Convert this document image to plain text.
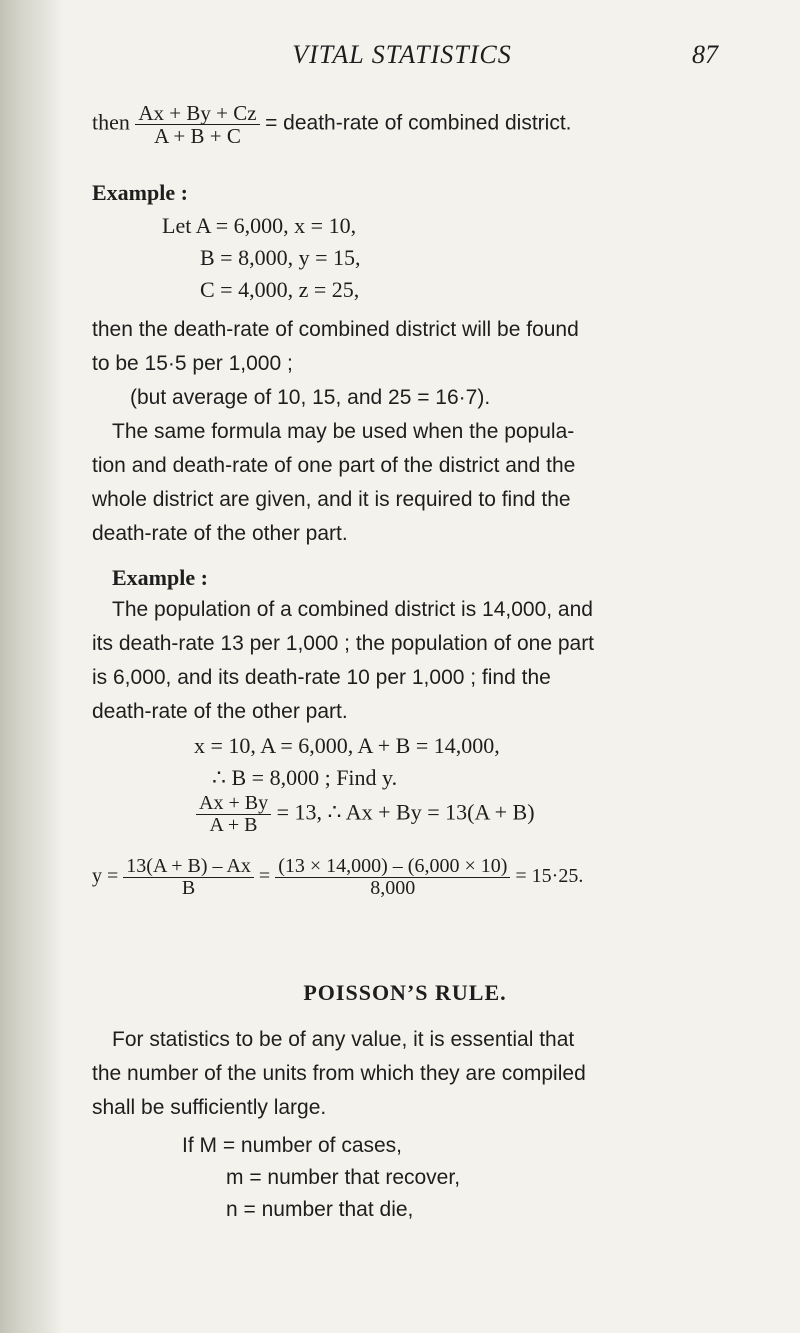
VITAL STATISTICS	87
then $\frac{Ax + By + Cz}{A + B + C}$ = death-rate of combined district.
Example :
Let A = 6,000, x = 10,
B = 8,000, y = 15,
C = 4,000, z = 25,

then the death-rate of combined district will be found

to be 15·5 per 1,000 ;

(but average of 10, 15, and 25 = 16·7).

The same formula may be used when the popula-

tion and death-rate of one part of the district and the

whole district are given, and it is required to find the

death-rate of the other part.

Example :

The population of a combined district is 14,000, and

its death-rate 13 per 1,000 ; the population of one part

is 6,000, and its death-rate 10 per 1,000 ; find the

death-rate of the other part.

x = 10, A = 6,000, A + B = 14,000,
∴ B = 8,000 ; Find y.
$\frac{Ax + By}{A + B} = 13$, ∴ Ax + By = 13(A + B)
$y = \frac{13(A + B) - Ax}{B} = \frac{(13 \times 14,000) - (6,000 \times 10)}{8,000} = 15\cdot 25$.
POISSON’S RULE.

For statistics to be of any value, it is essential that

the number of the units from which they are compiled

shall be sufficiently large.

If M = number of cases,
m = number that recover,
n = number that die,
